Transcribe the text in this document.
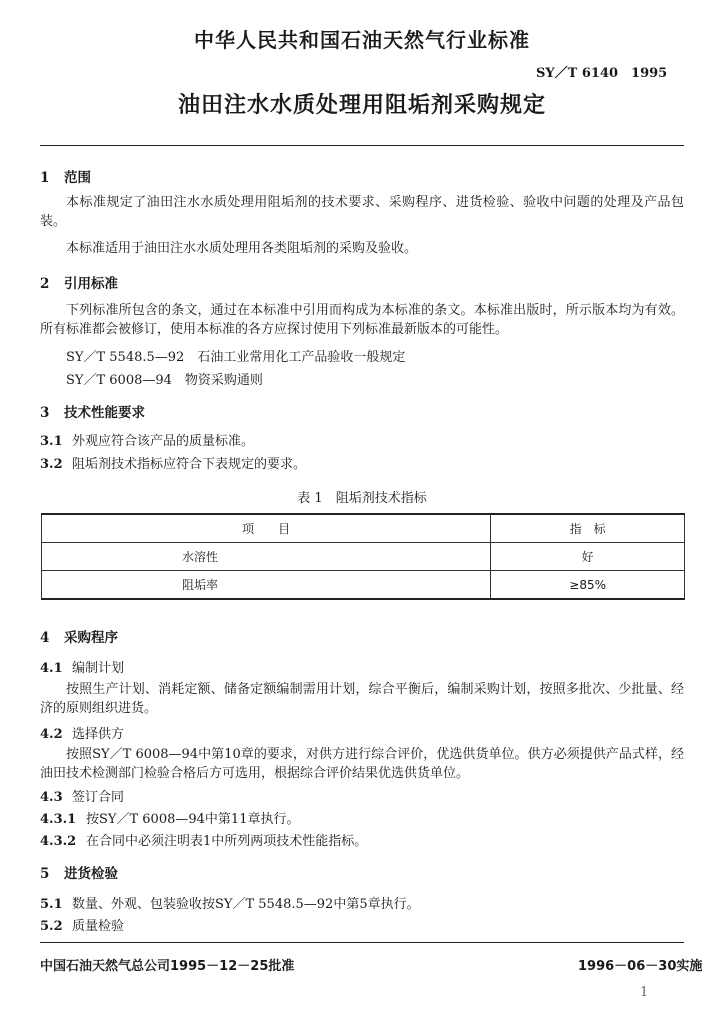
中华人民共和国石油天然气行业标准
SY／T 6140　1995
油田注水水质处理用阻垢剂采购规定
1 范围
本标准规定了油田注水水质处理用阻垢剂的技术要求、采购程序、进货检验、验收中问题的处理及产品包装。
本标准适用于油田注水水质处理用各类阻垢剂的采购及验收。
2 引用标准
下列标准所包含的条文，通过在本标准中引用而构成为本标准的条文。本标准出版时，所示版本均为有效。所有标准都会被修订，使用本标准的各方应探讨使用下列标准最新版本的可能性。
SY／T 5548.5—92　石油工业常用化工产品验收一般规定
SY／T 6008—94　物资采购通则
3 技术性能要求
3.1 外观应符合该产品的质量标准。
3.2 阻垢剂技术指标应符合下表规定的要求。
表 1　阻垢剂技术指标
项　　目	指　标
水溶性	好
阻垢率	≥85%
4 采购程序
4.1 编制计划
按照生产计划、消耗定额、储备定额编制需用计划，综合平衡后，编制采购计划，按照多批次、少批量、经济的原则组织进货。
4.2 选择供方
按照SY／T 6008—94中第10章的要求，对供方进行综合评价，优选供货单位。供方必须提供产品式样，经油田技术检测部门检验合格后方可选用，根据综合评价结果优选供货单位。
4.3 签订合同
4.3.1 按SY／T 6008—94中第11章执行。
4.3.2 在合同中必须注明表1中所列两项技术性能指标。
5 进货检验
5.1 数量、外观、包装验收按SY／T 5548.5—92中第5章执行。
5.2 质量检验
中国石油天然气总公司1995－12－25批准	1996－06－30实施
1
